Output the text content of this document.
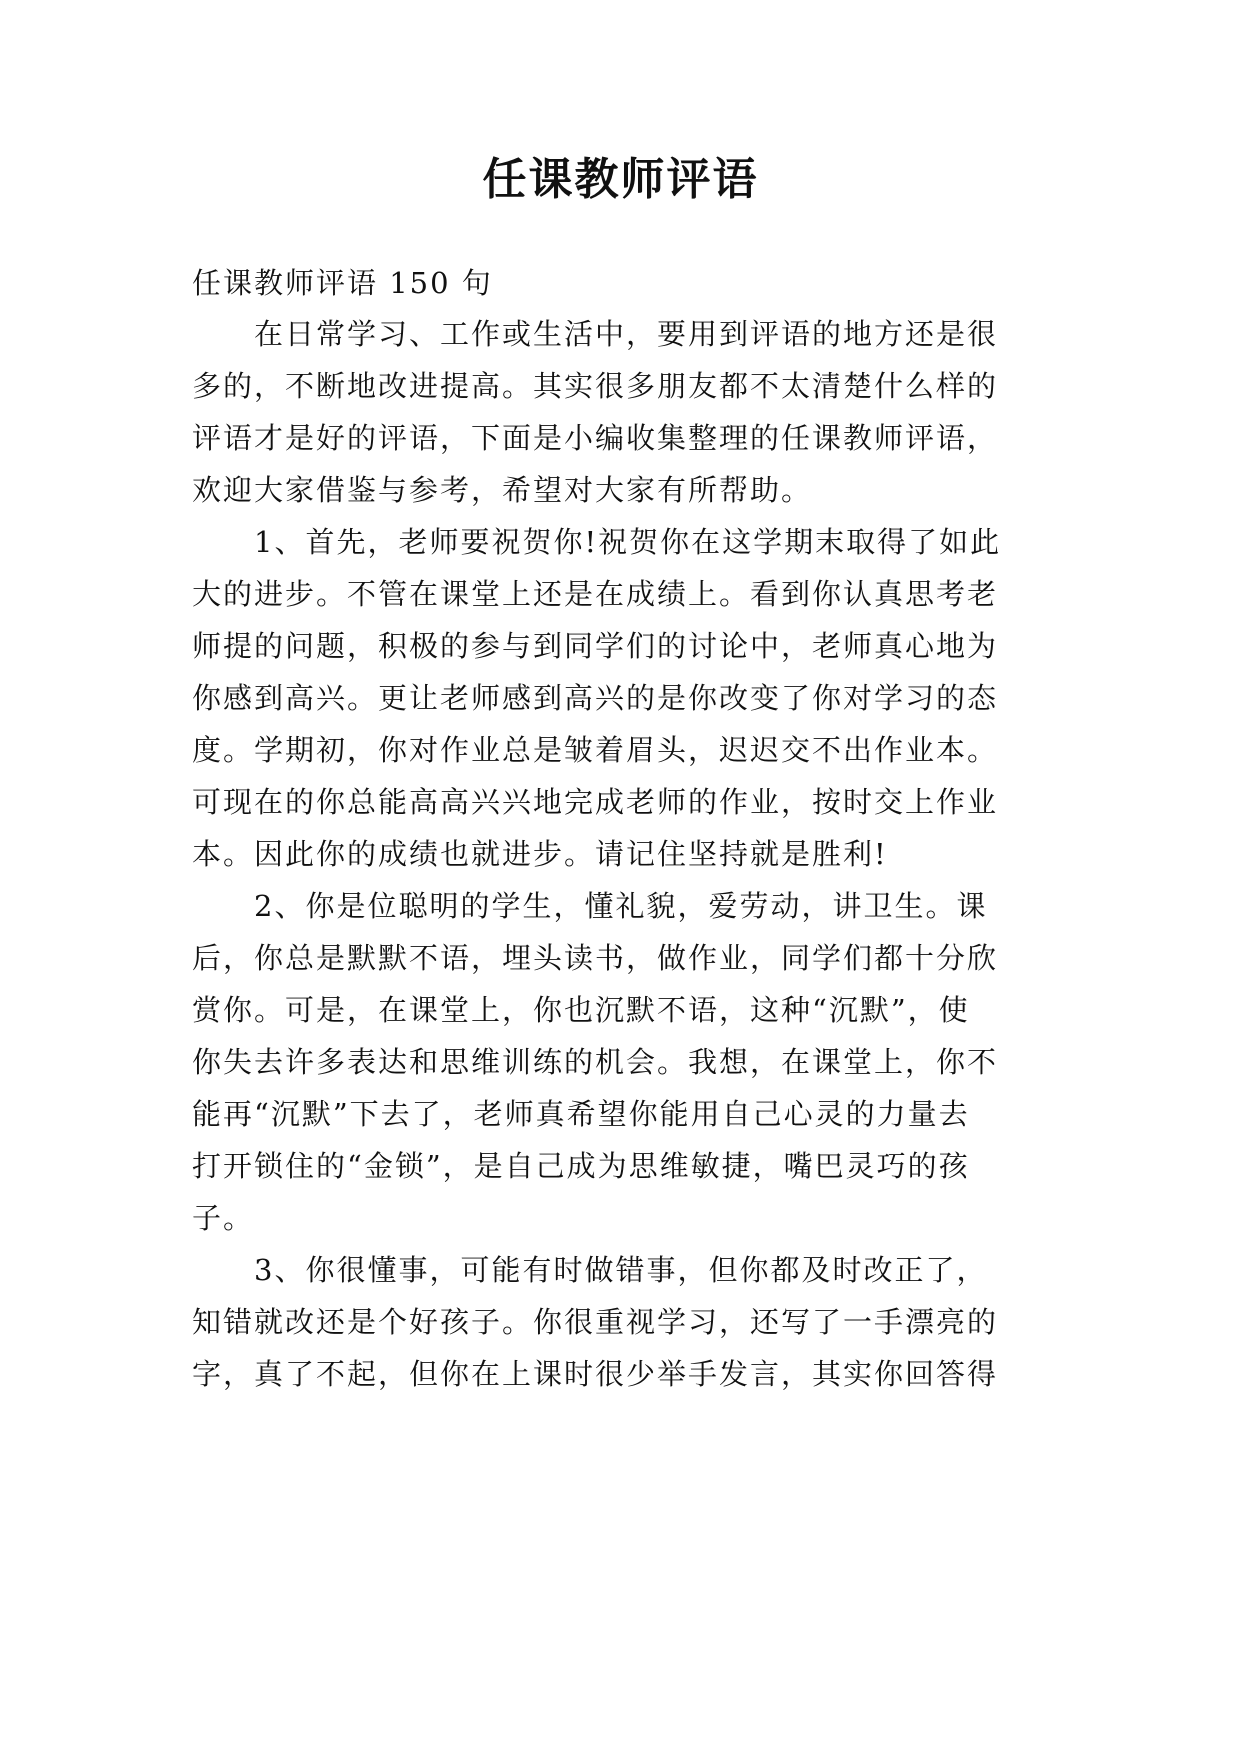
任课教师评语
任课教师评语 150 句
　　在日常学习、工作或生活中，要用到评语的地方还是很
多的，不断地改进提高。其实很多朋友都不太清楚什么样的
评语才是好的评语，下面是小编收集整理的任课教师评语，
欢迎大家借鉴与参考，希望对大家有所帮助。
　　1、首先，老师要祝贺你!祝贺你在这学期末取得了如此
大的进步。不管在课堂上还是在成绩上。看到你认真思考老
师提的问题，积极的参与到同学们的讨论中，老师真心地为
你感到高兴。更让老师感到高兴的是你改变了你对学习的态
度。学期初，你对作业总是皱着眉头，迟迟交不出作业本。
可现在的你总能高高兴兴地完成老师的作业，按时交上作业
本。因此你的成绩也就进步。请记住坚持就是胜利!
　　2、你是位聪明的学生，懂礼貌，爱劳动，讲卫生。课
后，你总是默默不语，埋头读书，做作业，同学们都十分欣
赏你。可是，在课堂上，你也沉默不语，这种“沉默”，使
你失去许多表达和思维训练的机会。我想，在课堂上，你不
能再“沉默”下去了，老师真希望你能用自己心灵的力量去
打开锁住的“金锁”，是自己成为思维敏捷，嘴巴灵巧的孩
子。
　　3、你很懂事，可能有时做错事，但你都及时改正了，
知错就改还是个好孩子。你很重视学习，还写了一手漂亮的
字，真了不起，但你在上课时很少举手发言，其实你回答得
